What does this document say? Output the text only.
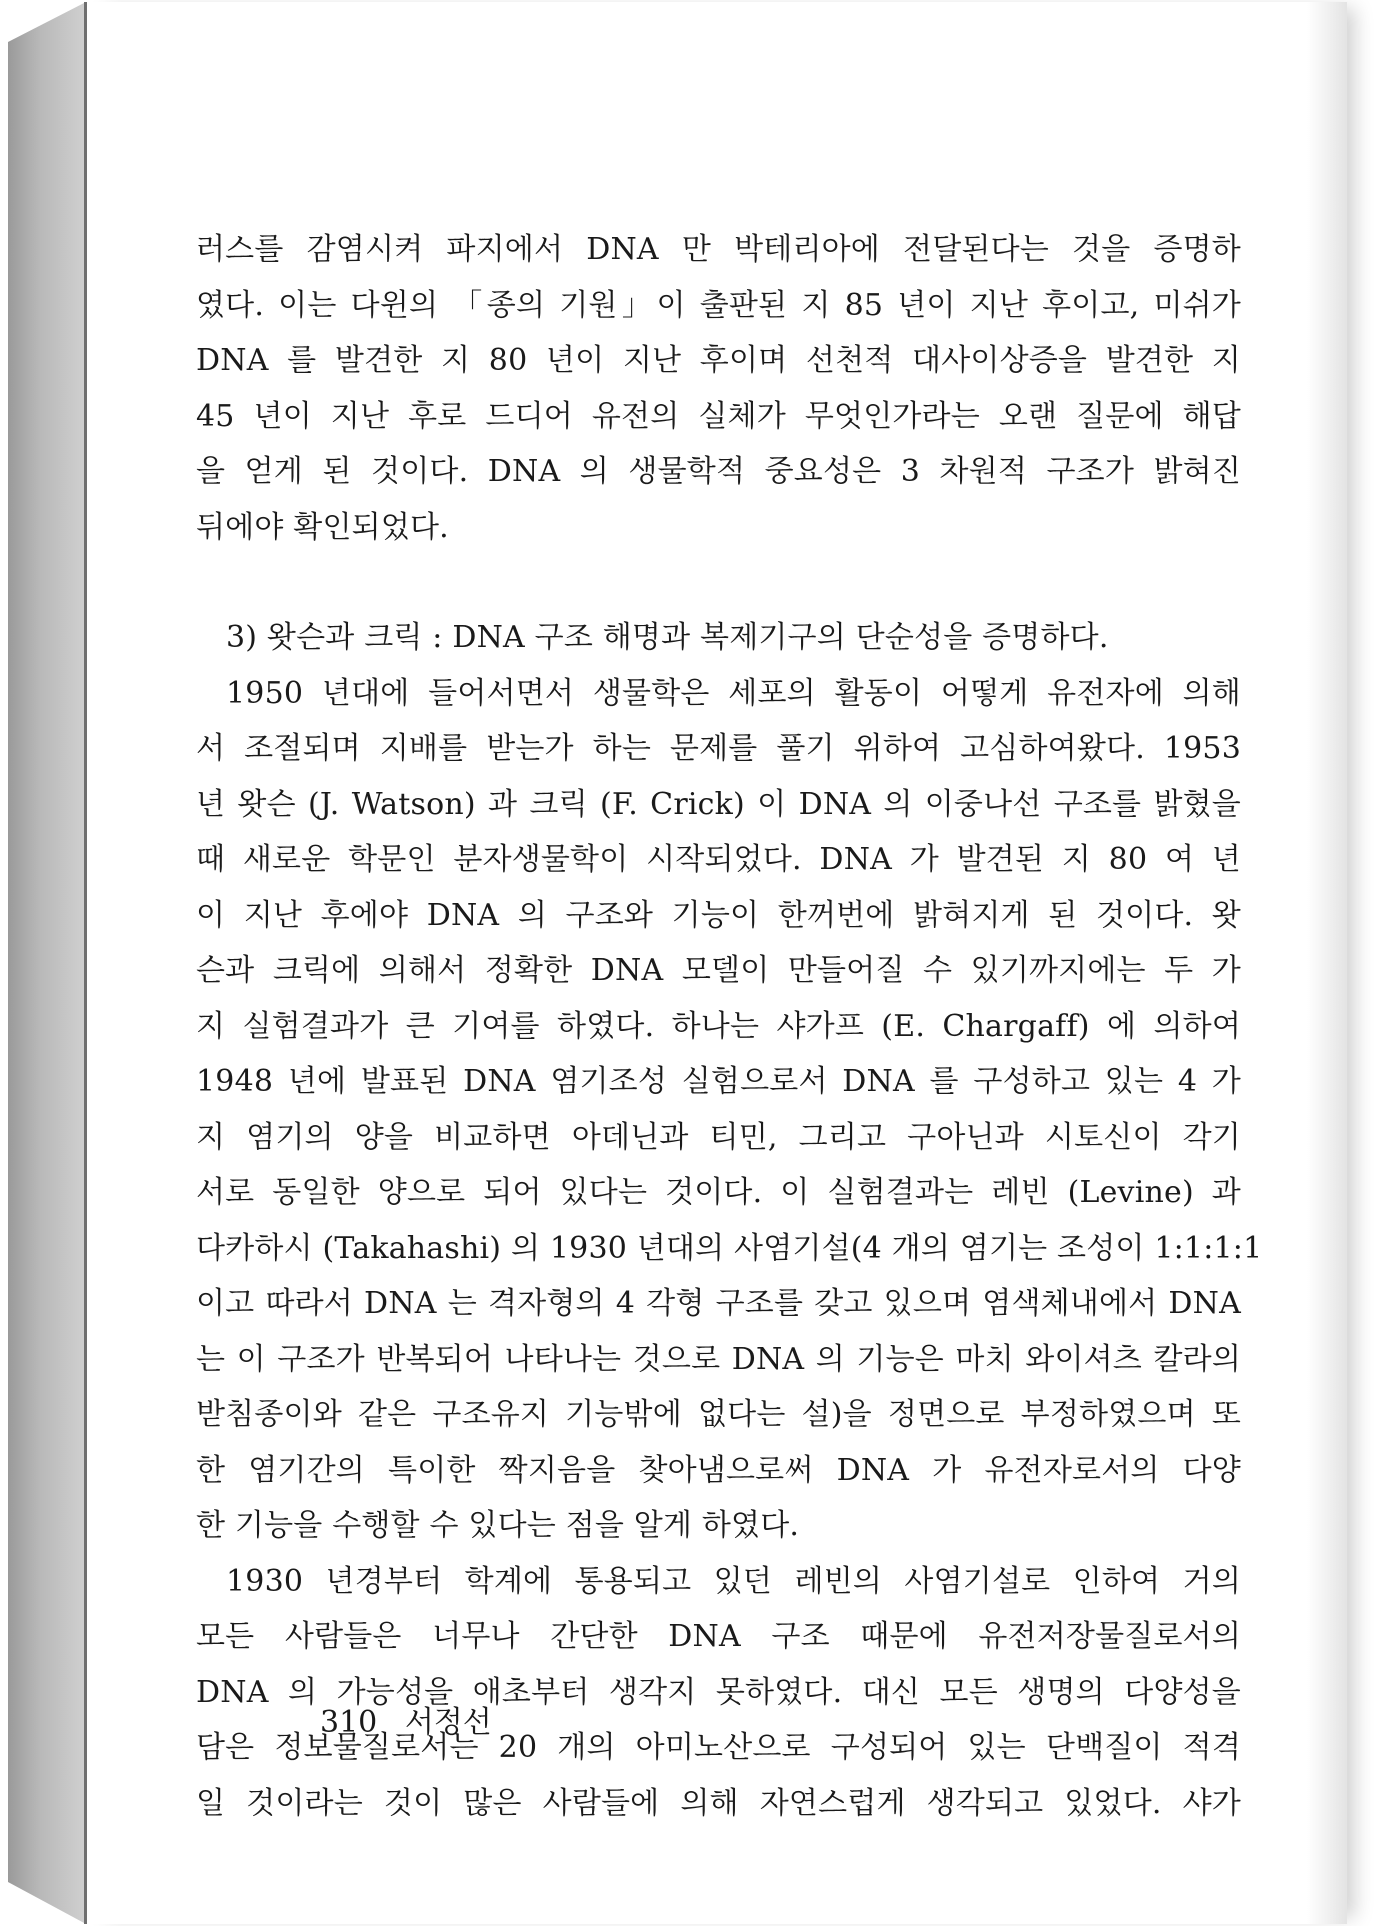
러스를 감염시켜 파지에서 DNA 만 박테리아에 전달된다는 것을 증명하
였다. 이는 다윈의 「종의 기원」이 출판된 지 85 년이 지난 후이고, 미쉬가
DNA 를 발견한 지 80 년이 지난 후이며 선천적 대사이상증을 발견한 지
45 년이 지난 후로 드디어 유전의 실체가 무엇인가라는 오랜 질문에 해답
을 얻게 된 것이다. DNA 의 생물학적 중요성은 3 차원적 구조가 밝혀진
뒤에야 확인되었다.
3) 왓슨과 크릭 : DNA 구조 해명과 복제기구의 단순성을 증명하다.
1950 년대에 들어서면서 생물학은 세포의 활동이 어떻게 유전자에 의해
서 조절되며 지배를 받는가 하는 문제를 풀기 위하여 고심하여왔다. 1953
년 왓슨 (J. Watson) 과 크릭 (F. Crick) 이 DNA 의 이중나선 구조를 밝혔을
때 새로운 학문인 분자생물학이 시작되었다. DNA 가 발견된 지 80 여 년
이 지난 후에야 DNA 의 구조와 기능이 한꺼번에 밝혀지게 된 것이다. 왓
슨과 크릭에 의해서 정확한 DNA 모델이 만들어질 수 있기까지에는 두 가
지 실험결과가 큰 기여를 하였다. 하나는 샤가프 (E. Chargaff) 에 의하여
1948 년에 발표된 DNA 염기조성 실험으로서 DNA 를 구성하고 있는 4 가
지 염기의 양을 비교하면 아데닌과 티민, 그리고 구아닌과 시토신이 각기
서로 동일한 양으로 되어 있다는 것이다. 이 실험결과는 레빈 (Levine) 과
다카하시 (Takahashi) 의 1930 년대의 사염기설(4 개의 염기는 조성이 1:1:1:1
이고 따라서 DNA 는 격자형의 4 각형 구조를 갖고 있으며 염색체내에서 DNA
는 이 구조가 반복되어 나타나는 것으로 DNA 의 기능은 마치 와이셔츠 칼라의
받침종이와 같은 구조유지 기능밖에 없다는 설)을 정면으로 부정하였으며 또
한 염기간의 특이한 짝지음을 찾아냄으로써 DNA 가 유전자로서의 다양
한 기능을 수행할 수 있다는 점을 알게 하였다.
1930 년경부터 학계에 통용되고 있던 레빈의 사염기설로 인하여 거의
모든 사람들은 너무나 간단한 DNA 구조 때문에 유전저장물질로서의
DNA 의 가능성을 애초부터 생각지 못하였다. 대신 모든 생명의 다양성을
담은 정보물질로서는 20 개의 아미노산으로 구성되어 있는 단백질이 적격
일 것이라는 것이 많은 사람들에 의해 자연스럽게 생각되고 있었다. 샤가
310 서정선
